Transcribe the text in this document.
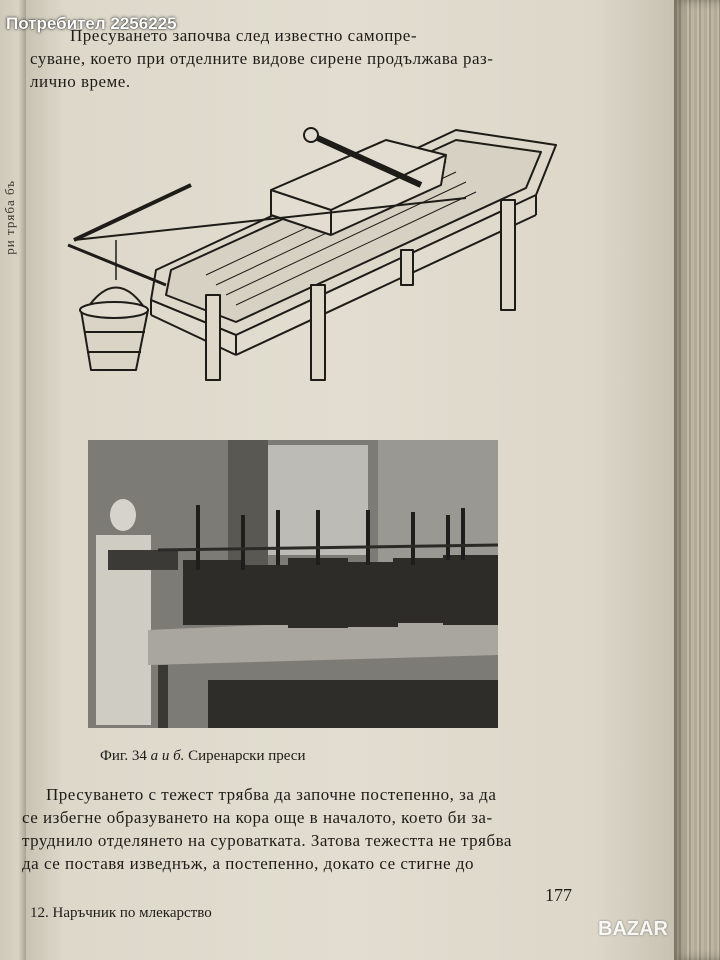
ри тряба бъ
Потребител 2256225
Пресуването започва след известно самопре-
суване, което при отделните видове сирене продължава раз-
лично време.
Фиг. 34 а и б. Сиренарски преси
Пресуването с тежест трябва да започне постепенно, за да
се избегне образуването на кора още в началото, което би за-
труднило отделянето на суроватката. Затова тежестта не трябва
да се поставя изведнъж, а постепенно, докато се стигне до
12. Наръчник по млекарство
177
BAZAR
